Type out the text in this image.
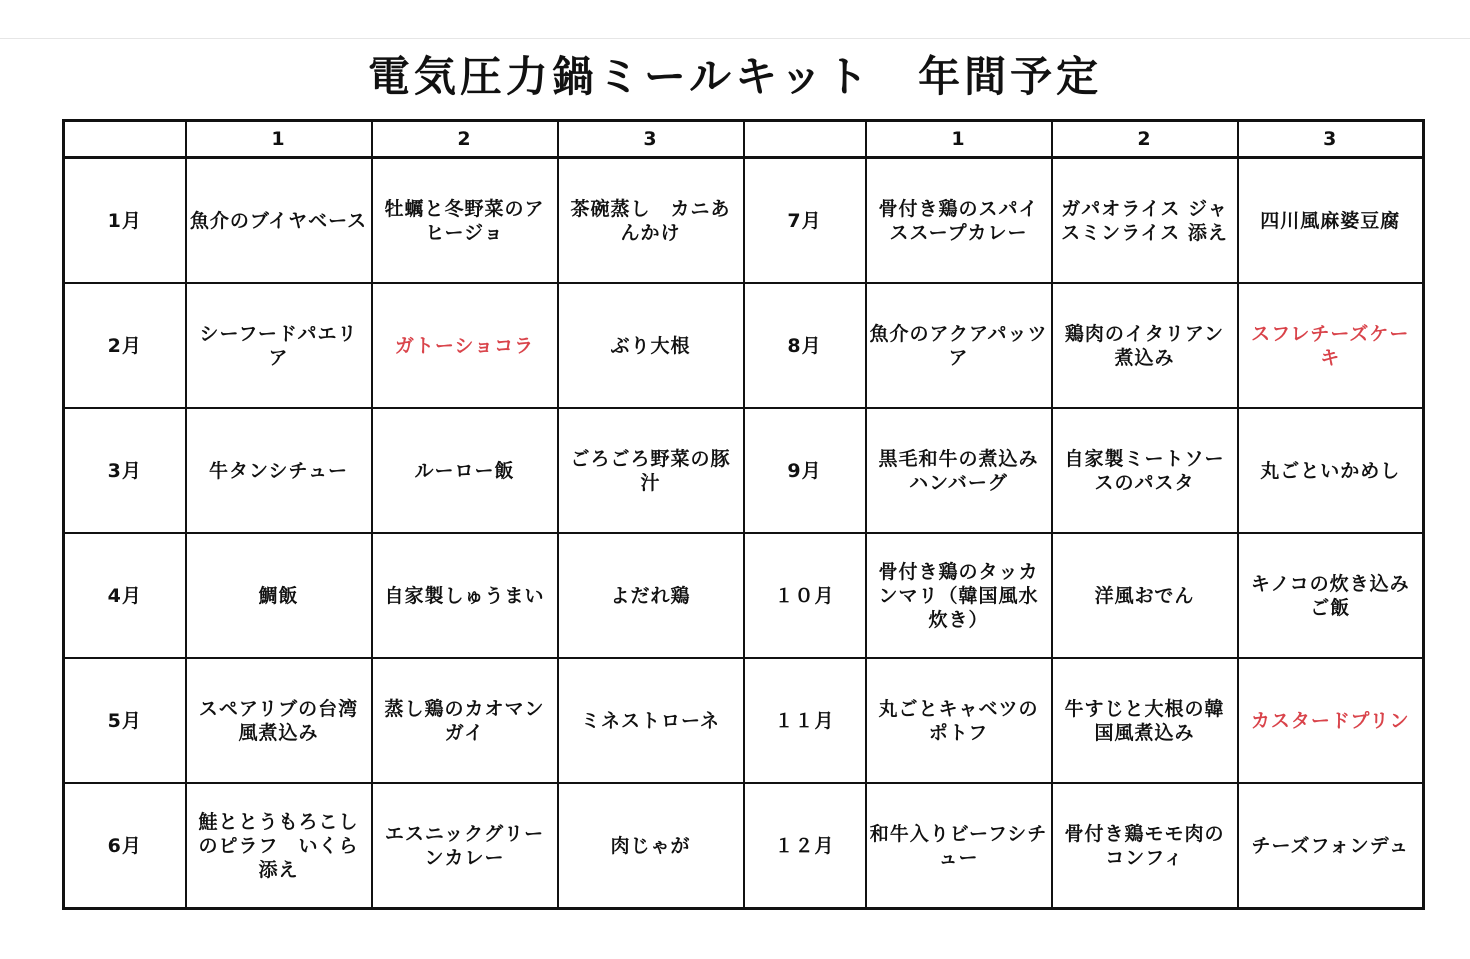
電気圧力鍋ミールキット　年間予定
	1	2	3		1	2	3
1月	魚介のブイヤベース	牡蠣と冬野菜のアヒージョ	茶碗蒸し　カニあんかけ	7月	骨付き鶏のスパイススープカレー	ガパオライス ジャスミンライス 添え	四川風麻婆豆腐
2月	シーフードパエリア	ガトーショコラ	ぶり大根	8月	魚介のアクアパッツア	鶏肉のイタリアン煮込み	スフレチーズケーキ
3月	牛タンシチュー	ルーロー飯	ごろごろ野菜の豚汁	9月	黒毛和牛の煮込みハンバーグ	自家製ミートソースのパスタ	丸ごといかめし
4月	鯛飯	自家製しゅうまい	よだれ鶏	１０月	骨付き鶏のタッカンマリ（韓国風水炊き）	洋風おでん	キノコの炊き込みご飯
5月	スペアリブの台湾風煮込み	蒸し鶏のカオマンガイ	ミネストローネ	１１月	丸ごとキャベツのポトフ	牛すじと大根の韓国風煮込み	カスタードプリン
6月	鮭ととうもろこしのピラフ　いくら添え	エスニックグリーンカレー	肉じゃが	１２月	和牛入りビーフシチュー	骨付き鶏モモ肉のコンフィ	チーズフォンデュ
